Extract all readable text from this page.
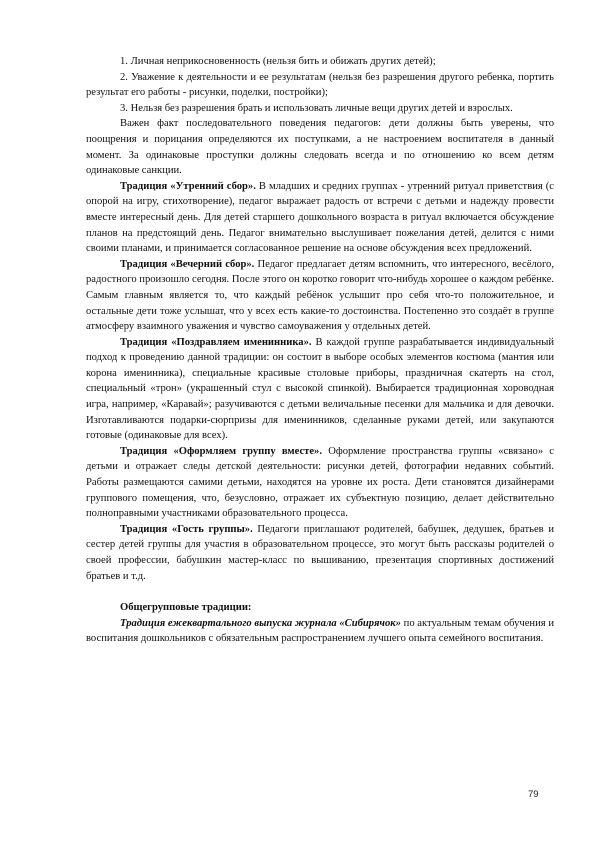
1. Личная неприкосновенность (нельзя бить и обижать других детей);

2. Уважение к деятельности и ее результатам (нельзя без разрешения другого ребенка, портить результат его работы - рисунки, поделки, постройки);

3. Нельзя без разрешения брать и использовать личные вещи других детей и взрослых.

Важен факт последовательного поведения педагогов: дети должны быть уверены, что поощрения и порицания определяются их поступками, а не настроением воспитателя в данный момент. За одинаковые проступки должны следовать всегда и по отношению ко всем детям одинаковые санкции.

Традиция «Утренний сбор». В младших и средних группах - утренний ритуал приветствия (с опорой на игру, стихотворение), педагог выражает радость от встречи с детьми и надежду провести вместе интересный день. Для детей старшего дошкольного возраста в ритуал включается обсуждение планов на предстоящий день. Педагог внимательно выслушивает пожелания детей, делится с ними своими планами, и принимается согласованное решение на основе обсуждения всех предложений.

Традиция «Вечерний сбор». Педагог предлагает детям вспомнить, что интересного, весёлого, радостного произошло сегодня. После этого он коротко говорит что-нибудь хорошее о каждом ребёнке. Самым главным является то, что каждый ребёнок услышит про себя что-то положительное, и остальные дети тоже услышат, что у всех есть какие-то достоинства. Постепенно это создаёт в группе атмосферу взаимного уважения и чувство самоуважения у отдельных детей.

Традиция «Поздравляем именинника». В каждой группе разрабатывается индивидуальный подход к проведению данной традиции: он состоит в выборе особых элементов костюма (мантия или корона именинника), специальные красивые столовые приборы, праздничная скатерть на стол, специальный «трон» (украшенный стул с высокой спинкой). Выбирается традиционная хороводная игра, например, «Каравай»; разучиваются с детьми величальные песенки для мальчика и для девочки. Изготавливаются подарки-сюрпризы для именинников, сделанные руками детей, или закупаются готовые (одинаковые для всех).

Традиция «Оформляем группу вместе». Оформление пространства группы «связано» с детьми и отражает следы детской деятельности: рисунки детей, фотографии недавних событий. Работы размещаются самими детьми, находятся на уровне их роста. Дети становятся дизайнерами группового помещения, что, безусловно, отражает их субъектную позицию, делает действительно полноправными участниками образовательного процесса.

Традиция «Гость группы». Педагоги приглашают родителей, бабушек, дедушек, братьев и сестер детей группы для участия в образовательном процессе, это могут быть рассказы родителей о своей профессии, бабушкин мастер-класс по вышиванию, презентация спортивных достижений братьев и т.д.

Общегрупповые традиции:

Традиция ежеквартального выпуска журнала «Сибирячок» по актуальным темам обучения и воспитания дошкольников с обязательным распространением лучшего опыта семейного воспитания.

79
